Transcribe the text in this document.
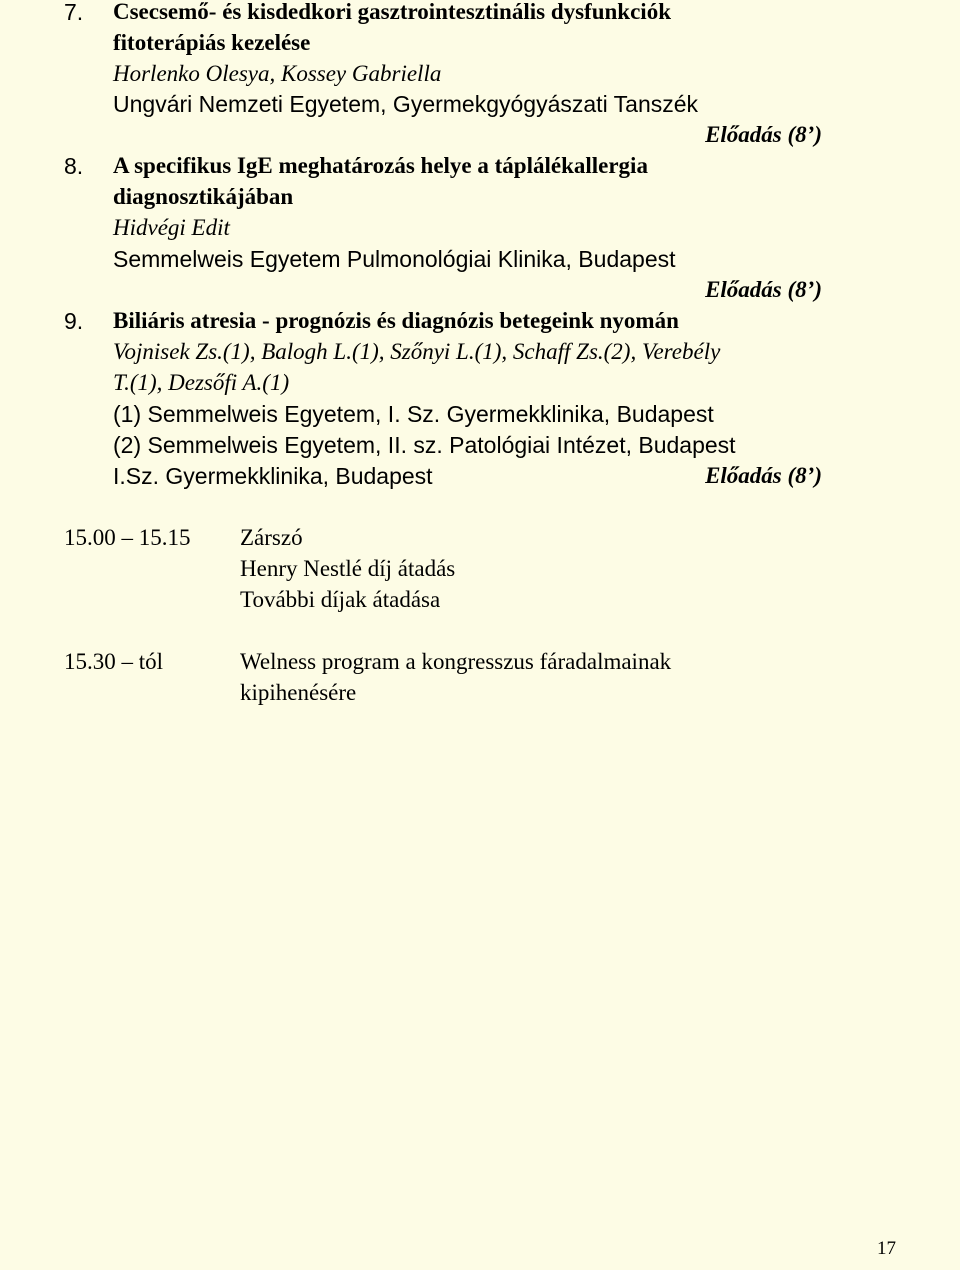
7. Csecsemő- és kisdedkori gasztrointesztinális dysfunkciók
fitoterápiás kezelése
Horlenko Olesya, Kossey Gabriella
Ungvári Nemzeti Egyetem, Gyermekgyógyászati Tanszék
Előadás (8’)
8. A specifikus IgE meghatározás helye a táplálékallergia
diagnosztikájában
Hidvégi Edit
Semmelweis Egyetem Pulmonológiai Klinika, Budapest
Előadás (8’)
9. Biliáris atresia - prognózis és diagnózis betegeink nyomán
Vojnisek Zs.(1), Balogh L.(1), Szőnyi L.(1), Schaff Zs.(2), Verebély
T.(1), Dezsőfi A.(1)
(1) Semmelweis Egyetem, I. Sz. Gyermekklinika, Budapest
(2) Semmelweis Egyetem, II. sz. Patológiai Intézet, Budapest
I.Sz. Gyermekklinika, Budapest	Előadás (8’)
15.00 – 15.15 Zárszó
Henry Nestlé díj átadás
További díjak átadása
15.30 – tól	Welness program a kongresszus fáradalmainak
kipihenésére
17
